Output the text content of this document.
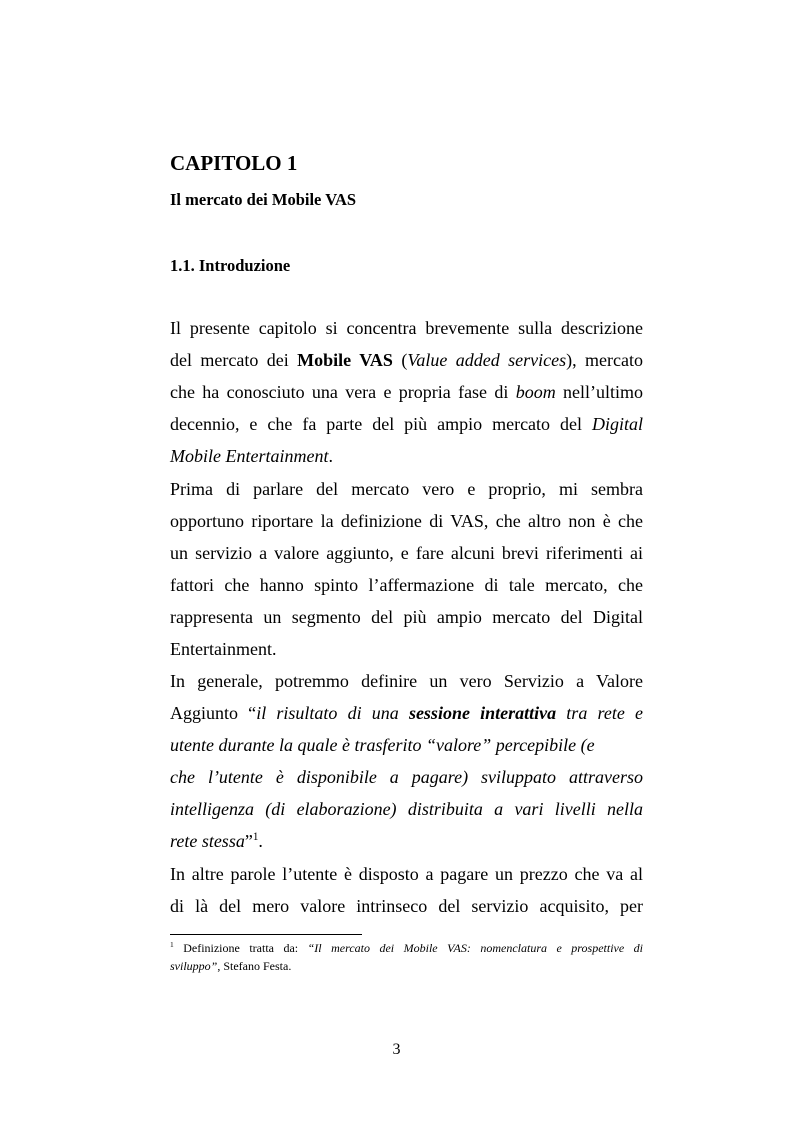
CAPITOLO 1
Il mercato dei Mobile VAS
1.1. Introduzione

Il presente capitolo si concentra brevemente sulla descrizione

del mercato dei Mobile VAS (Value added services), mercato

che ha conosciuto una vera e propria fase di boom nell’ultimo

decennio, e che fa parte del più ampio mercato del Digital

Mobile Entertainment.

Prima di parlare del mercato vero e proprio, mi sembra

opportuno riportare la definizione di VAS, che altro non è che

un servizio a valore aggiunto, e fare alcuni brevi riferimenti ai

fattori che hanno spinto l’affermazione di tale mercato, che

rappresenta un segmento del più ampio mercato del Digital

Entertainment.

In generale, potremmo definire un vero Servizio a Valore

Aggiunto “il risultato di una sessione interattiva tra rete e

utente durante la quale è trasferito “valore” percepibile (e

che l’utente è disponibile a pagare) sviluppato attraverso

intelligenza (di elaborazione) distribuita a vari livelli nella

rete stessa”$^1$.

In altre parole l’utente è disposto a pagare un prezzo che va al

di là del mero valore intrinseco del servizio acquisito, per

$^1$ Definizione tratta da: “Il mercato dei Mobile VAS: nomenclatura e prospettive di

sviluppo”, Stefano Festa.

3
